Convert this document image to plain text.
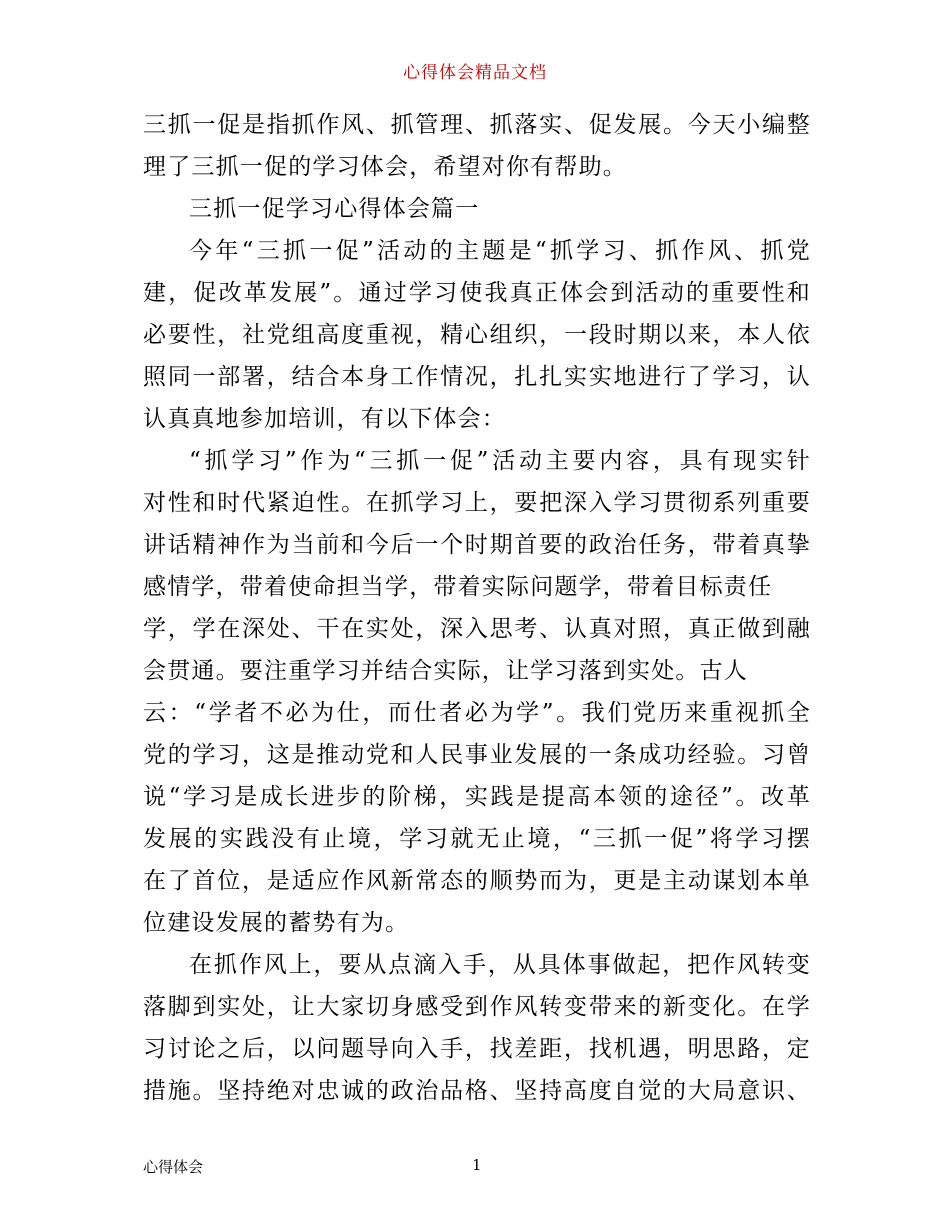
心得体会精品文档
三抓一促是指抓作风、抓管理、抓落实、促发展。今天小编整
理了三抓一促的学习体会，希望对你有帮助。
三抓一促学习心得体会篇一
今年“三抓一促”活动的主题是“抓学习、抓作风、抓党
建，促改革发展”。通过学习使我真正体会到活动的重要性和
必要性，社党组高度重视，精心组织，一段时期以来，本人依
照同一部署，结合本身工作情况，扎扎实实地进行了学习，认
认真真地参加培训，有以下体会：
“抓学习”作为“三抓一促”活动主要内容，具有现实针
对性和时代紧迫性。在抓学习上，要把深入学习贯彻系列重要
讲话精神作为当前和今后一个时期首要的政治任务，带着真挚
感情学，带着使命担当学，带着实际问题学，带着目标责任
学，学在深处、干在实处，深入思考、认真对照，真正做到融
会贯通。要注重学习并结合实际，让学习落到实处。古人
云：“学者不必为仕，而仕者必为学”。我们党历来重视抓全
党的学习，这是推动党和人民事业发展的一条成功经验。习曾
说“学习是成长进步的阶梯，实践是提高本领的途径”。改革
发展的实践没有止境，学习就无止境，“三抓一促”将学习摆
在了首位，是适应作风新常态的顺势而为，更是主动谋划本单
位建设发展的蓄势有为。
在抓作风上，要从点滴入手，从具体事做起，把作风转变
落脚到实处，让大家切身感受到作风转变带来的新变化。在学
习讨论之后，以问题导向入手，找差距，找机遇，明思路，定
措施。坚持绝对忠诚的政治品格、坚持高度自觉的大局意识、
心得体会	1
